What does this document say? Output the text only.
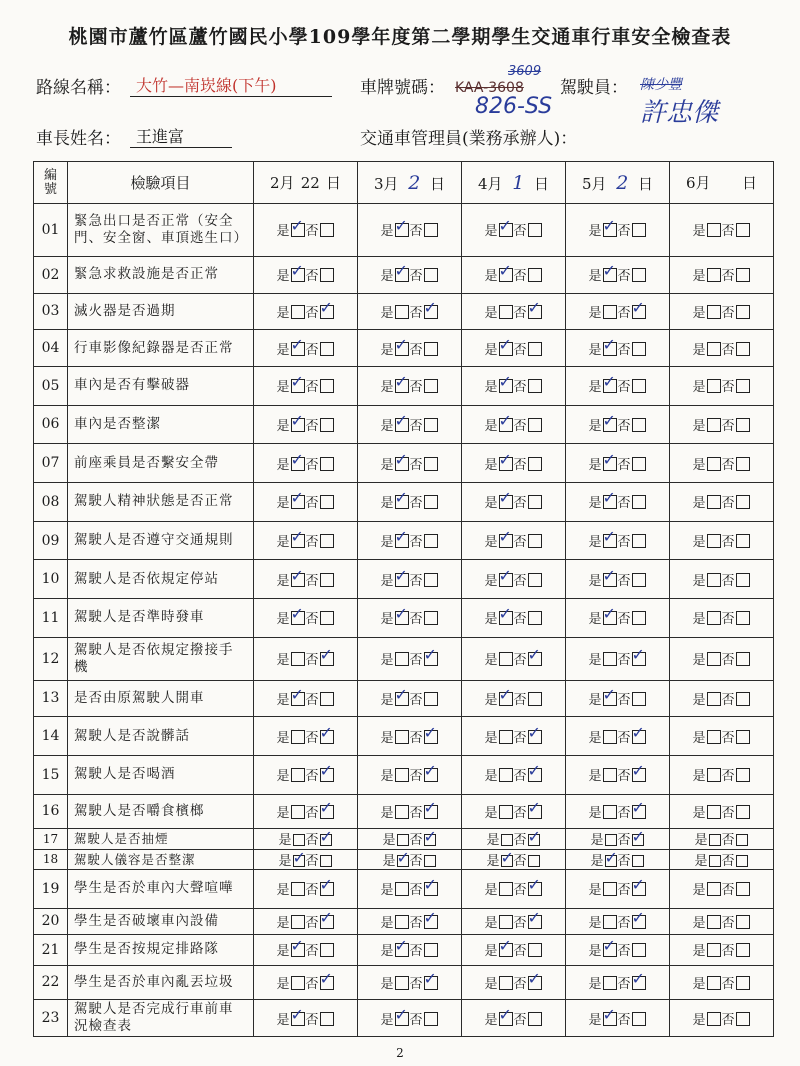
桃園市蘆竹區蘆竹國民小學109學年度第二學期學生交通車行車安全檢查表
路線名稱： 大竹—南崁線(下午)	車牌號碼：
3609
KAA-3608
826-SS
駕駛員： 陳少豐
許忠傑
車長姓名： 王進富	交通車管理員(業務承辦人)：
編號	檢驗項目	2月 22 日	3月 2 日	4月 1 日	5月 2 日	6月  日
01	緊急出口是否正常（安全門、安全窗、車頂逃生口）	是 ✓ 否	是 ✓ 否	是 ✓ 否	是 ✓ 否	是 否
02	緊急求救設施是否正常	是 ✓ 否	是 ✓ 否	是 ✓ 否	是 ✓ 否	是 否
03	滅火器是否過期	是 否✓	是 否✓	是 否✓	是 否✓	是 否
04	行車影像紀錄器是否正常	是 ✓ 否	是 ✓ 否	是 ✓ 否	是 ✓ 否	是 否
05	車內是否有擊破器	是 ✓ 否	是 ✓ 否	是 ✓ 否	是 ✓ 否	是 否
06	車內是否整潔	是 ✓ 否	是 ✓ 否	是 ✓ 否	是 ✓ 否	是 否
07	前座乘員是否繫安全帶	是 ✓ 否	是 ✓ 否	是 ✓ 否	是 ✓ 否	是 否
08	駕駛人精神狀態是否正常	是 ✓ 否	是 ✓ 否	是 ✓ 否	是 ✓ 否	是 否
09	駕駛人是否遵守交通規則	是 ✓ 否	是 ✓ 否	是 ✓ 否	是 ✓ 否	是 否
10	駕駛人是否依規定停站	是 ✓ 否	是 ✓ 否	是 ✓ 否	是 ✓ 否	是 否
11	駕駛人是否準時發車	是 ✓ 否	是 ✓ 否	是 ✓ 否	是 ✓ 否	是 否
12	駕駛人是否依規定撥接手機	是 否✓	是 否✓	是 否✓	是 否✓	是 否
13	是否由原駕駛人開車	是 ✓ 否	是 ✓ 否	是 ✓ 否	是 ✓ 否	是 否
14	駕駛人是否說髒話	是 否✓	是 否✓	是 否✓	是 否✓	是 否
15	駕駛人是否喝酒	是 否✓	是 否✓	是 否✓	是 否✓	是 否
16	駕駛人是否嚼食檳榔	是 否✓	是 否✓	是 否✓	是 否✓	是 否
17	駕駛人是否抽煙	是 否✓	是 否✓	是 否✓	是 否✓	是 否
18	駕駛人儀容是否整潔	是 ✓ 否	是 ✓ 否	是 ✓ 否	是 ✓ 否	是 否
19	學生是否於車內大聲喧嘩	是 否✓	是 否✓	是 否✓	是 否✓	是 否
20	學生是否破壞車內設備	是 否✓	是 否✓	是 否✓	是 否✓	是 否
21	學生是否按規定排路隊	是 ✓ 否	是 ✓ 否	是 ✓ 否	是 ✓ 否	是 否
22	學生是否於車內亂丟垃圾	是 否✓	是 否✓	是 否✓	是 否✓	是 否
23	駕駛人是否完成行車前車況檢查表	是 ✓ 否	是 ✓ 否	是 ✓ 否	是 ✓ 否	是 否
2
